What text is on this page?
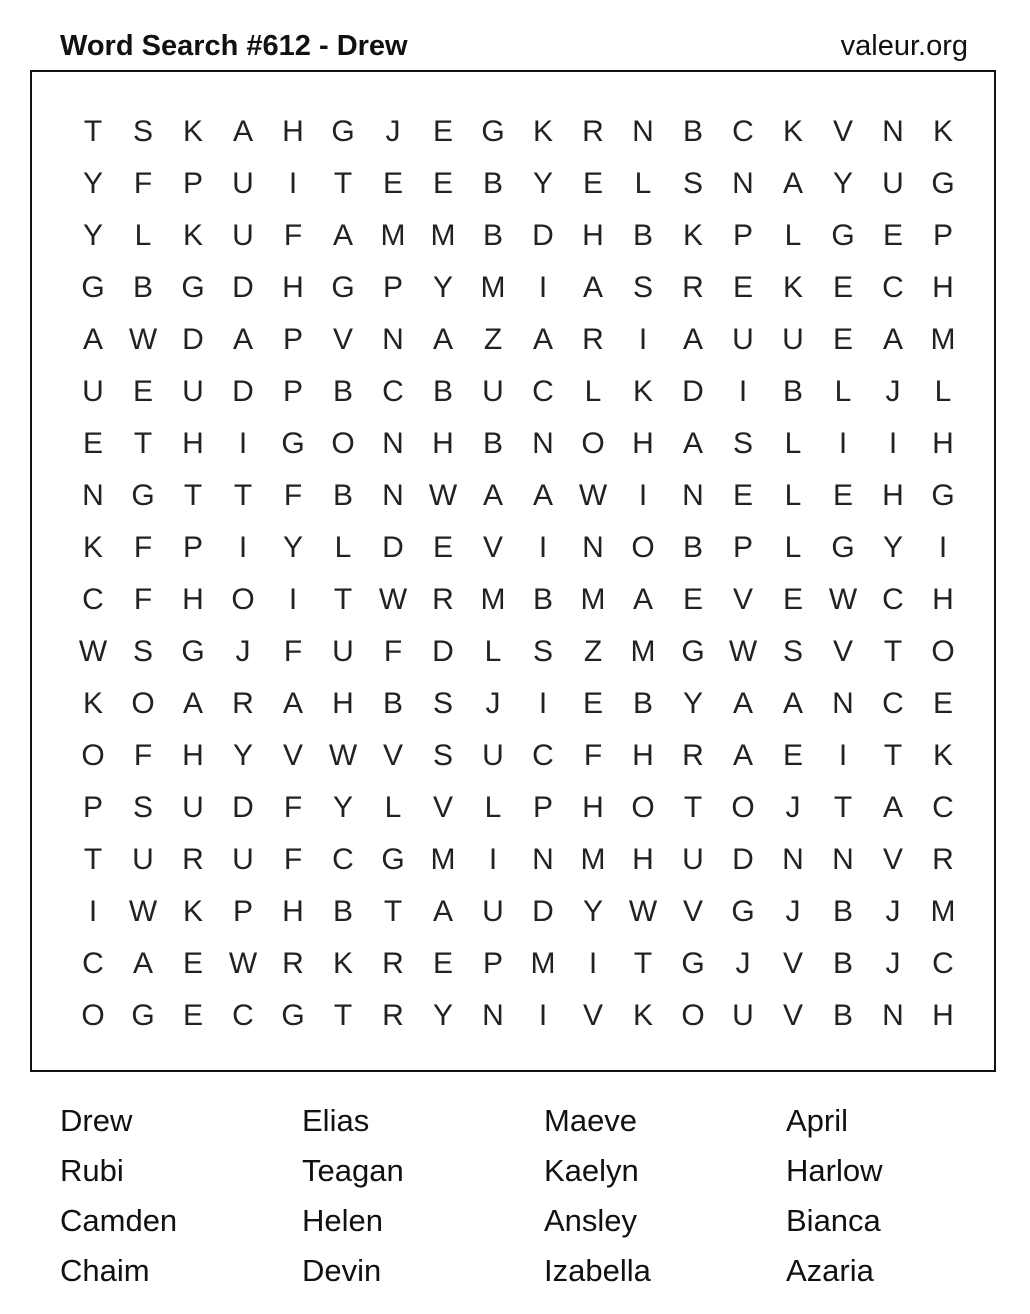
Word Search #612 - Drew	valeur.org
T	S K A H G	J	E G K R N B C K V N K
Y	F	P U	I	T	E E B Y E	L	S N A Y U G
Y	L	K U	F	A M M B D H B K P	L G E P
G B G D H G P Y M	I	A S R E K E C H
A W D A P V N A	Z	A R	I	A U U E A M
U E U D P B C B U C	L	K D	I	B	L	J	L
E	T	H	I	G O N H B N O H A S	L	I	I	H
N G T	T	F	B N W A A W	I	N E	L	E H G
K	F	P	I	Y	L	D E V	I	N O B P	L G Y	I
C	F	H O	I	T W R M B M A E V E W C H
W S G	J	F	U	F	D	L	S	Z M G W S V	T O
K O A R A H B S	J	I	E B Y A A N C E
O F	H Y V W V S U C	F	H R A E	I	T	K
P S U D	F	Y	L	V	L	P H O T O	J	T	A C
T	U R U	F	C G M	I	N M H U D N N V R
I	W K P H B	T	A U D Y W V G	J	B	J	M
C A E W R K R E P M	I	T G	J	V B	J	C
O G E C G T	R Y N	I	V K O U V B N H
Drew	Elias	Maeve	April
Rubi	Teagan	Kaelyn	Harlow
Camden	Helen	Ansley	Bianca
Chaim	Devin	Izabella	Azaria
